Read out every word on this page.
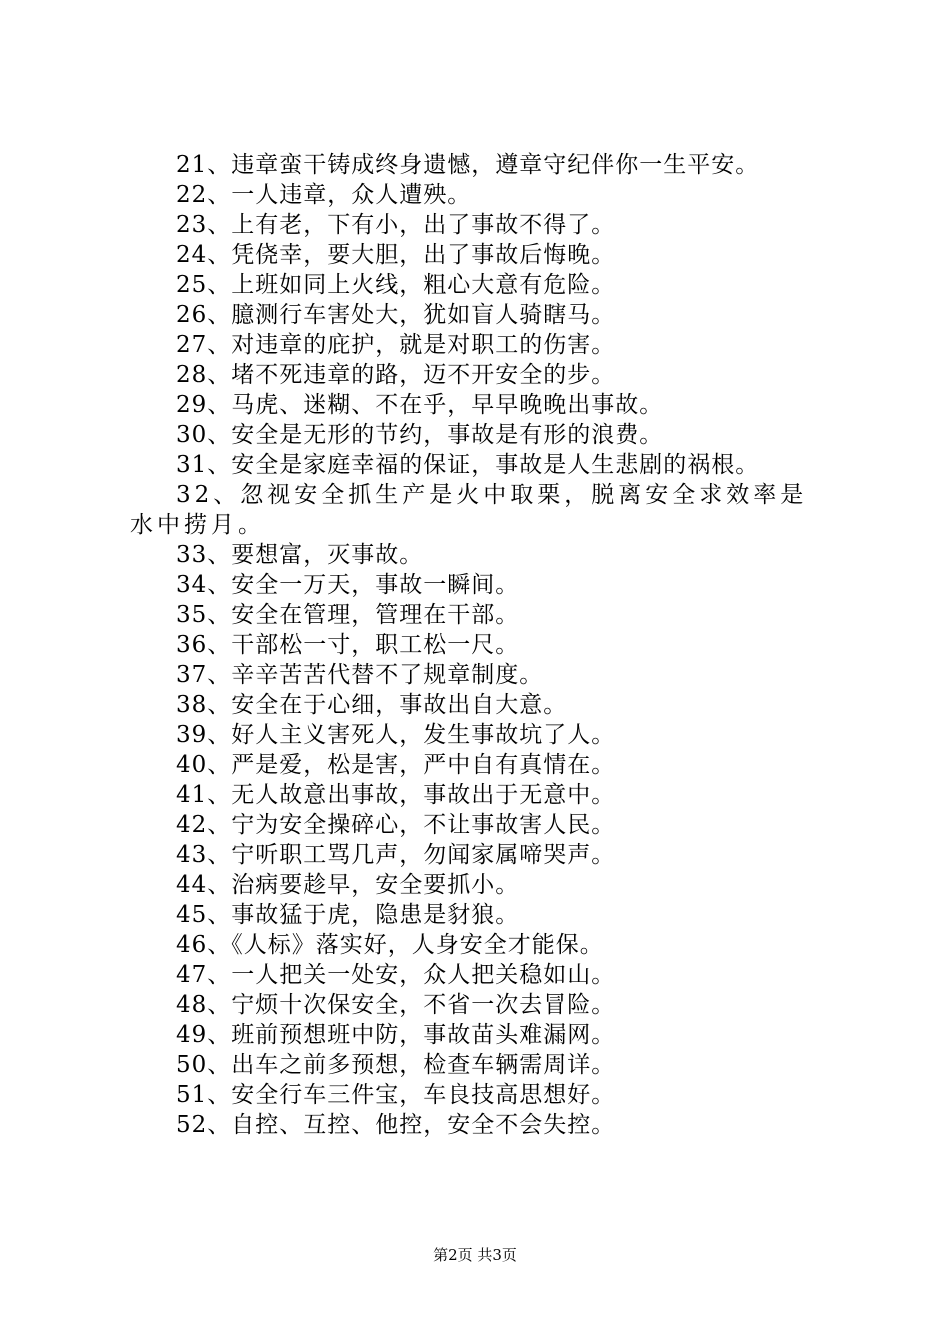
21、违章蛮干铸成终身遗憾，遵章守纪伴你一生平安。
22、一人违章，众人遭殃。
23、上有老，下有小，出了事故不得了。
24、凭侥幸，要大胆，出了事故后悔晚。
25、上班如同上火线，粗心大意有危险。
26、臆测行车害处大，犹如盲人骑瞎马。
27、对违章的庇护，就是对职工的伤害。
28、堵不死违章的路，迈不开安全的步。
29、马虎、迷糊、不在乎，早早晚晚出事故。
30、安全是无形的节约，事故是有形的浪费。
31、安全是家庭幸福的保证，事故是人生悲剧的祸根。
32、忽视安全抓生产是火中取栗，脱离安全求效率是水中捞月。
33、要想富，灭事故。
34、安全一万天，事故一瞬间。
35、安全在管理，管理在干部。
36、干部松一寸，职工松一尺。
37、辛辛苦苦代替不了规章制度。
38、安全在于心细，事故出自大意。
39、好人主义害死人，发生事故坑了人。
40、严是爱，松是害，严中自有真情在。
41、无人故意出事故，事故出于无意中。
42、宁为安全操碎心，不让事故害人民。
43、宁听职工骂几声，勿闻家属啼哭声。
44、治病要趁早，安全要抓小。
45、事故猛于虎，隐患是豺狼。
46、《人标》落实好，人身安全才能保。
47、一人把关一处安，众人把关稳如山。
48、宁烦十次保安全，不省一次去冒险。
49、班前预想班中防，事故苗头难漏网。
50、出车之前多预想，检查车辆需周详。
51、安全行车三件宝，车良技高思想好。
52、自控、互控、他控，安全不会失控。
第2页 共3页
